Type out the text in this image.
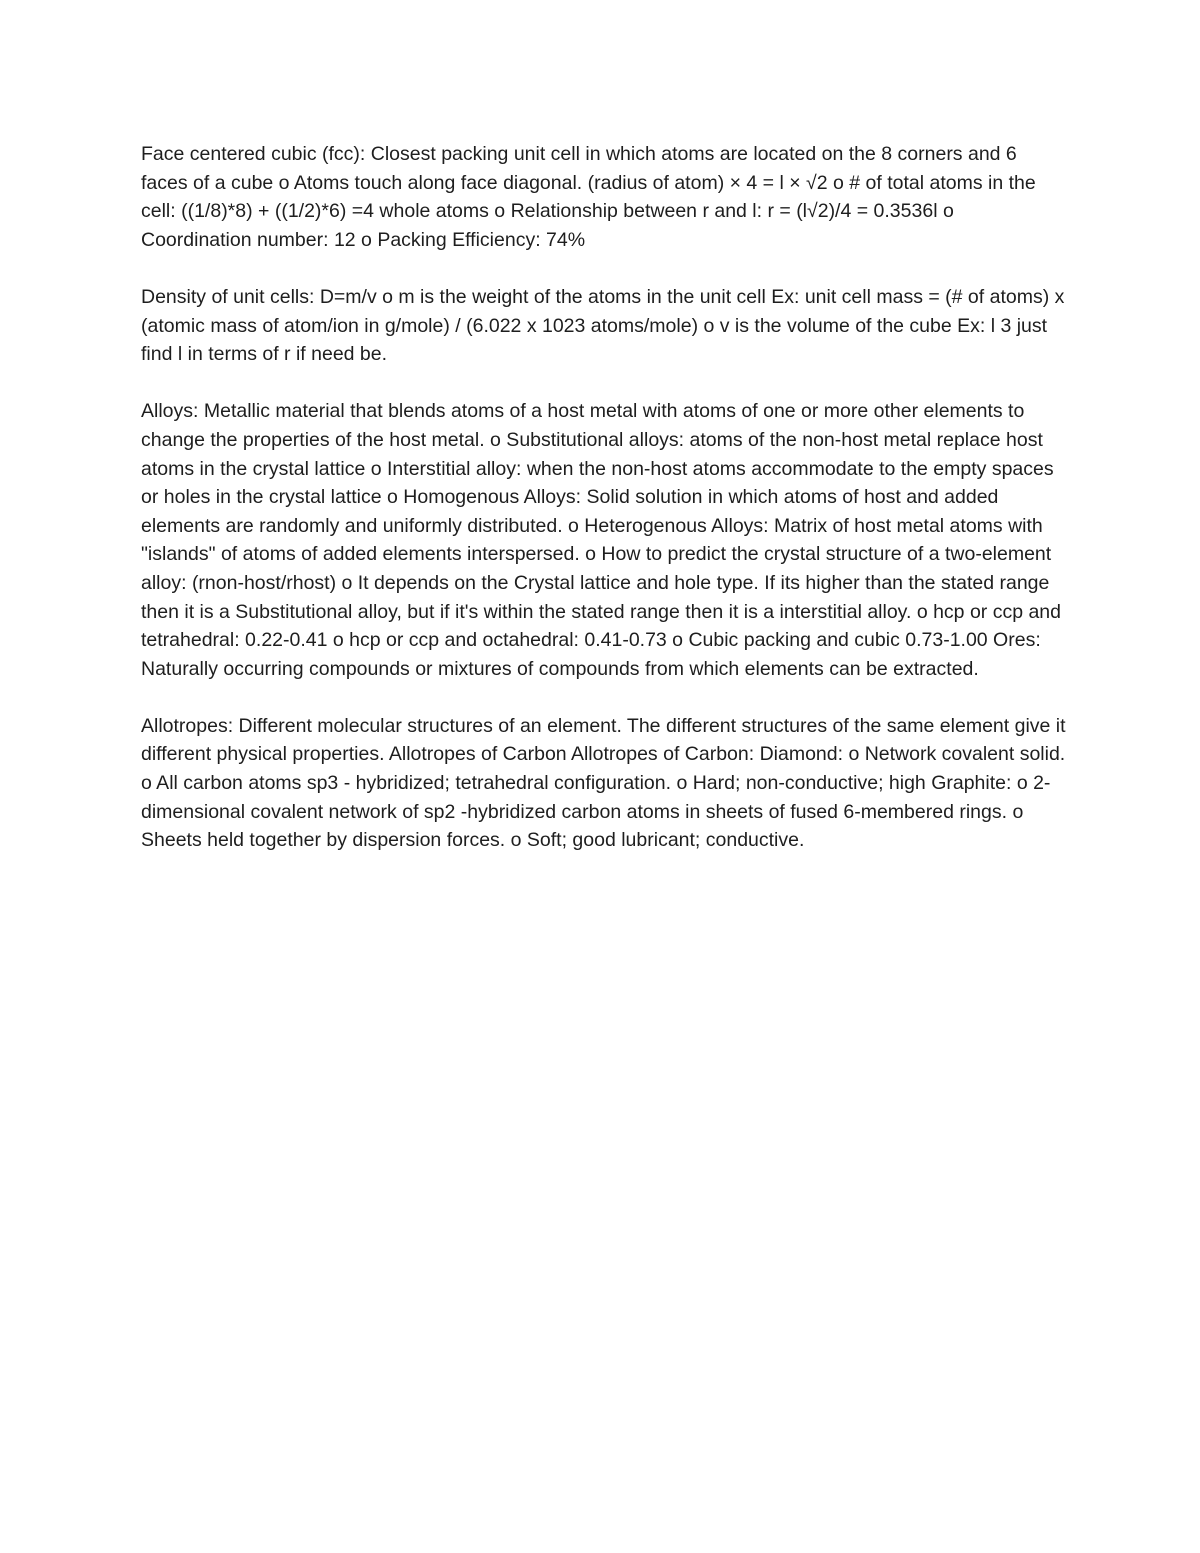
Face centered cubic (fcc): Closest packing unit cell in which atoms are located on the 8 corners and 6 faces of a cube o Atoms touch along face diagonal. (radius of atom) × 4 = l × √2 o # of total atoms in the cell: ((1/8)*8) + ((1/2)*6) =4 whole atoms o Relationship between r and l: r = (l√2)/4 = 0.3536l o Coordination number: 12 o Packing Efficiency: 74%

Density of unit cells: D=m/v o m is the weight of the atoms in the unit cell Ex: unit cell mass = (# of atoms) x (atomic mass of atom/ion in g/mole) / (6.022 x 1023 atoms/mole) o v is the volume of the cube Ex: l 3 just find l in terms of r if need be.

Alloys: Metallic material that blends atoms of a host metal with atoms of one or more other elements to change the properties of the host metal. o Substitutional alloys: atoms of the non-host metal replace host atoms in the crystal lattice o Interstitial alloy: when the non-host atoms accommodate to the empty spaces or holes in the crystal lattice o Homogenous Alloys: Solid solution in which atoms of host and added elements are randomly and uniformly distributed. o Heterogenous Alloys: Matrix of host metal atoms with "islands" of atoms of added elements interspersed. o How to predict the crystal structure of a two-element alloy: (rnon-host/rhost) o It depends on the Crystal lattice and hole type. If its higher than the stated range then it is a Substitutional alloy, but if it's within the stated range then it is a interstitial alloy. o hcp or ccp and tetrahedral: 0.22-0.41 o hcp or ccp and octahedral: 0.41-0.73 o Cubic packing and cubic 0.73-1.00 Ores: Naturally occurring compounds or mixtures of compounds from which elements can be extracted.

Allotropes: Different molecular structures of an element. The different structures of the same element give it different physical properties. Allotropes of Carbon Allotropes of Carbon: Diamond: o Network covalent solid. o All carbon atoms sp3 - hybridized; tetrahedral configuration. o Hard; non-conductive; high Graphite: o 2-dimensional covalent network of sp2 -hybridized carbon atoms in sheets of fused 6-membered rings. o Sheets held together by dispersion forces. o Soft; good lubricant; conductive.
